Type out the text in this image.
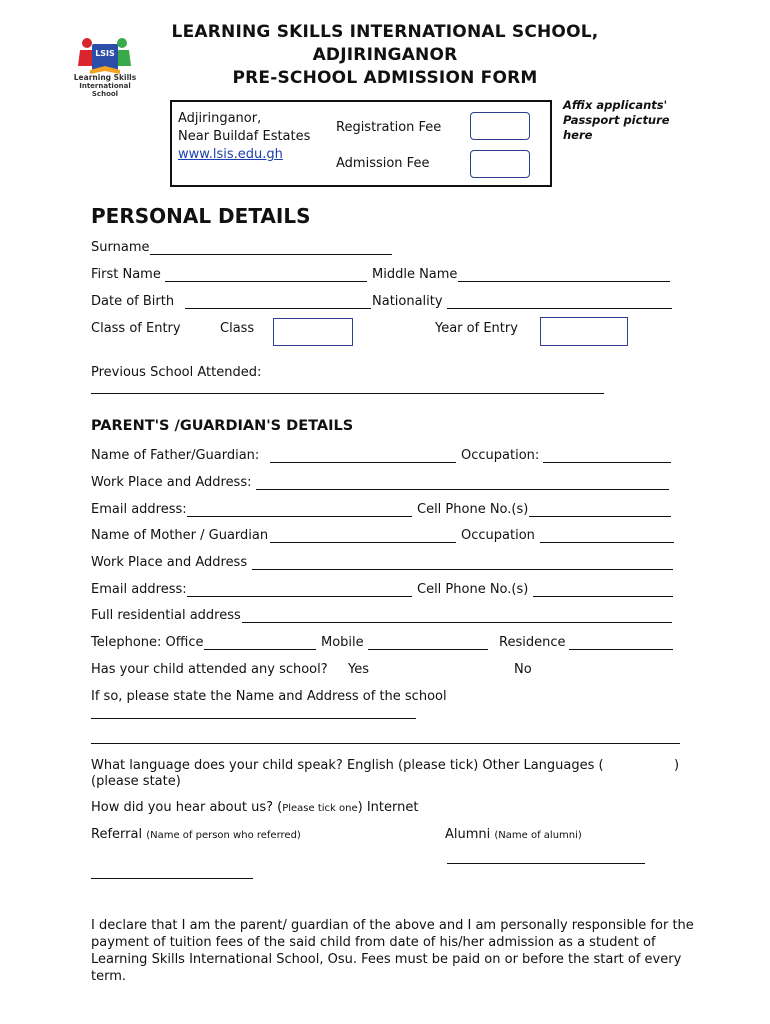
LSIS
Learning Skills
International School
LEARNING SKILLS INTERNATIONAL SCHOOL,
ADJIRINGANOR
PRE-SCHOOL ADMISSION FORM
Adjiringanor,
Near Buildaf Estates
www.lsis.edu.gh
Registration Fee
Admission Fee
Affix applicants'
Passport picture
here
PERSONAL DETAILS
Surname
First Name	Middle Name
Date of Birth	Nationality
Class of Entry	Class	Year of Entry
Previous School Attended:
PARENT'S /GUARDIAN'S DETAILS
Name of Father/Guardian:	Occupation:
Work Place and Address:
Email address:	Cell Phone No.(s)
Name of Mother / Guardian	Occupation
Work Place and Address
Email address:	Cell Phone No.(s)
Full residential address
Telephone: Office	Mobile	Residence
Has your child attended any school? Yes	No
If so, please state the Name and Address of the school
What language does your child speak? English (please tick) Other Languages (	)
(please state)
How did you hear about us? (Please tick one) Internet
Referral (Name of person who referred)	Alumni (Name of alumni)
I declare that I am the parent/ guardian of the above and I am personally responsible for the
payment of tuition fees of the said child from date of his/her admission as a student of
Learning Skills International School, Osu. Fees must be paid on or before the start of every
term.
